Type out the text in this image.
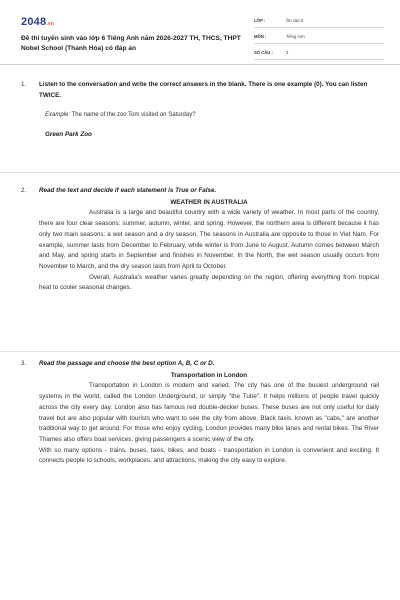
2048.vn
Đề thi tuyển sinh vào lớp 6 Tiếng Anh năm 2026-2027 TH, THCS, THPT Nobel School (Thanh Hóa) có đáp án
LỚP :	Ôn vào 6
MÔN :	Tiếng Anh
SỐ CÂU :	3
1.	Listen to the conversation and write the correct answers in the blank. There is one example (0). You can listen TWICE.
Example: The name of the zoo Tom visited on Saturday?
Green Park Zoo
2.	Read the text and decide if each statement is True or False.
WEATHER IN AUSTRALIA
Australia is a large and beautiful country with a wide variety of weather. In most parts of the country, there are four clear seasons: summer, autumn, winter, and spring. However, the northern area is different because it has only two main seasons: a wet season and a dry season. The seasons in Australia are opposite to those in Viet Nam. For example, summer lasts from December to February, while winter is from June to August. Autumn comes between March and May, and spring starts in September and finishes in November. In the North, the wet season usually occurs from November to March, and the dry season lasts from April to October.
Overall, Australia's weather varies greatly depending on the region, offering everything from tropical heat to cooler seasonal changes.
3.	Read the passage and choose the best option A, B, C or D.
Transportation in London
Transportation in London is modern and varied. The city has one of the busiest underground rail systems in the world, called the London Underground, or simply "the Tube". It helps millions of people travel quickly across the city every day. London also has famous red double-decker buses. These buses are not only useful for daily travel but are also popular with tourists who want to see the city from above. Black taxis, known as "cabs," are another traditional way to get around. For those who enjoy cycling, London provides many bike lanes and rental bikes. The River Thames also offers boat services, giving passengers a scenic view of the city.
With so many options - trains, buses, taxis, bikes, and boats - transportation in London is convenient and exciting. It connects people to schools, workplaces, and attractions, making the city easy to explore.
